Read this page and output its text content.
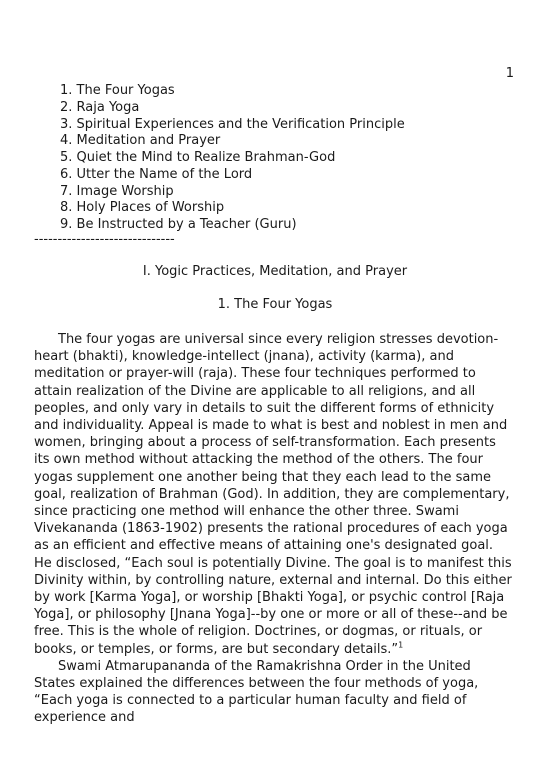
1
1. The Four Yogas
2. Raja Yoga
3. Spiritual Experiences and the Verification Principle
4. Meditation and Prayer
5. Quiet the Mind to Realize Brahman-God
6. Utter the Name of the Lord
7. Image Worship
8. Holy Places of Worship
9. Be Instructed by a Teacher (Guru)
------------------------------
I. Yogic Practices, Meditation, and Prayer
1. The Four Yogas

The four yogas are universal since every religion stresses devotion-heart (bhakti), knowledge-intellect (jnana), activity (karma), and meditation or prayer-will (raja). These four techniques performed to attain realization of the Divine are applicable to all religions, and all peoples, and only vary in details to suit the different forms of ethnicity and individuality. Appeal is made to what is best and noblest in men and women, bringing about a process of self-transformation. Each presents its own method without attacking the method of the others. The four yogas supplement one another being that they each lead to the same goal, realization of Brahman (God). In addition, they are complementary, since practicing one method will enhance the other three. Swami Vivekananda (1863-1902) presents the rational procedures of each yoga as an efficient and effective means of attaining one's designated goal. He disclosed, “Each soul is potentially Divine. The goal is to manifest this Divinity within, by controlling nature, external and internal. Do this either by work [Karma Yoga], or worship [Bhakti Yoga], or psychic control [Raja Yoga], or philosophy [Jnana Yoga]--by one or more or all of these--and be free. This is the whole of religion. Doctrines, or dogmas, or rituals, or books, or temples, or forms, are but secondary details.”$^1$

Swami Atmarupananda of the Ramakrishna Order in the United States explained the differences between the four methods of yoga, “Each yoga is connected to a particular human faculty and field of experience and
